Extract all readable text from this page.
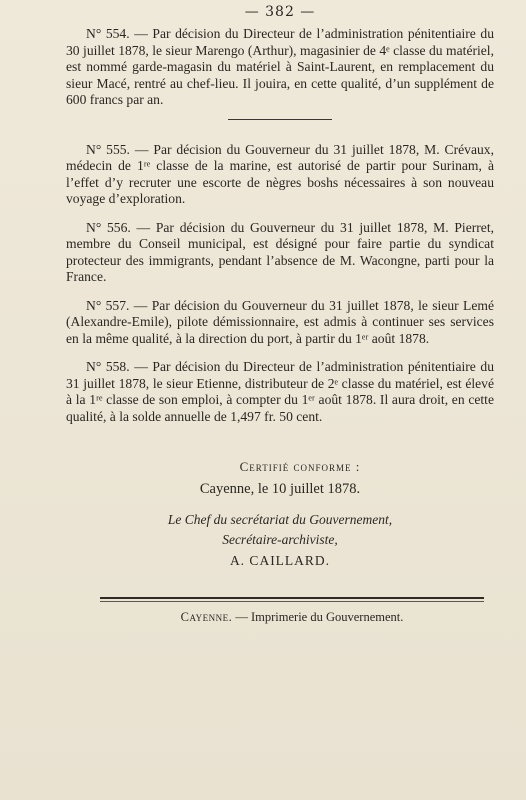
— 382 —

N° 554. — Par décision du Directeur de l’administration pénitentiaire du 30 juillet 1878, le sieur Marengo (Arthur), magasinier de 4ᵉ classe du matériel, est nommé garde-magasin du matériel à Saint-Laurent, en remplacement du sieur Macé, rentré au chef-lieu. Il jouira, en cette qualité, d’un supplément de 600 francs par an.

N° 555. — Par décision du Gouverneur du 31 juillet 1878, M. Crévaux, médecin de 1ʳᵉ classe de la marine, est autorisé de partir pour Surinam, à l’effet d’y recruter une escorte de nègres boshs nécessaires à son nouveau voyage d’exploration.

N° 556. — Par décision du Gouverneur du 31 juillet 1878, M. Pierret, membre du Conseil municipal, est désigné pour faire partie du syndicat protecteur des immigrants, pendant l’absence de M. Wacongne, parti pour la France.

N° 557. — Par décision du Gouverneur du 31 juillet 1878, le sieur Lemé (Alexandre-Emile), pilote démissionnaire, est admis à continuer ses services en la même qualité, à la direction du port, à partir du 1ᵉʳ août 1878.

N° 558. — Par décision du Directeur de l’administration pénitentiaire du 31 juillet 1878, le sieur Etienne, distributeur de 2ᵉ classe du matériel, est élevé à la 1ʳᵉ classe de son emploi, à compter du 1ᵉʳ août 1878. Il aura droit, en cette qualité, à la solde annuelle de 1,497 fr. 50 cent.

Certifié conforme :
Cayenne, le 10 juillet 1878.
Le Chef du secrétariat du Gouvernement,
Secrétaire-archiviste,
A. CAILLARD.
Cayenne. — Imprimerie du Gouvernement.
